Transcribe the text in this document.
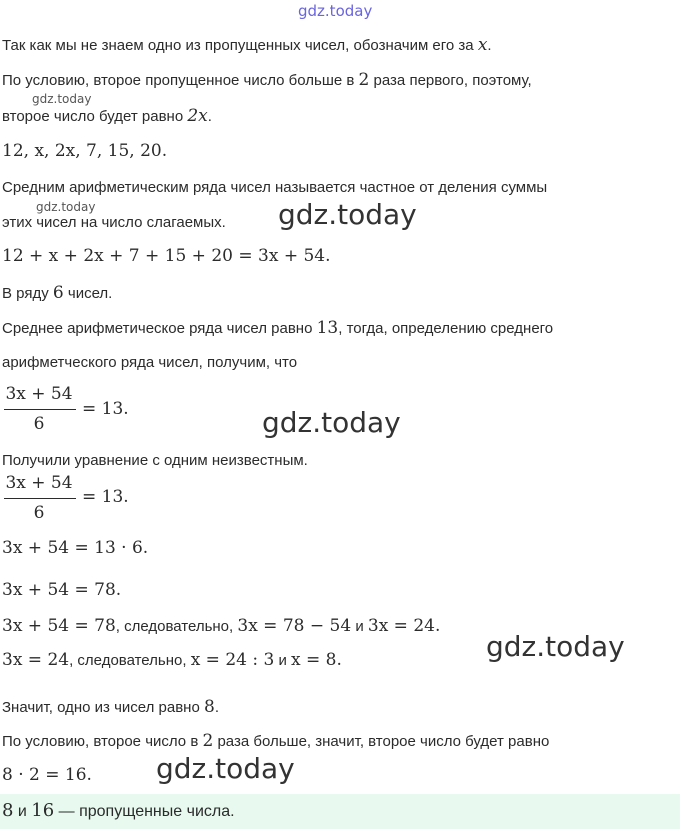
gdz.today
gdz.today
gdz.today	gdz.today
gdz.today
gdz.today
gdz.today
Так как мы не знаем одно из пропущенных чисел, обозначим его за x.
По условию, второе пропущенное число больше в 2 раза первого, поэтому,
второе число будет равно 2x.
12, x, 2x, 7, 15, 20.
Средним арифметическим ряда чисел называется частное от деления суммы
этих чисел на число слагаемых.
12 + x + 2x + 7 + 15 + 20 = 3x + 54.
В ряду 6 чисел.
Среднее арифметическое ряда чисел равно 13, тогда, определению среднего
арифметческого ряда чисел, получим, что
3x + 54
6
= 13.
Получили уравнение с одним неизвестным.
3x + 54
6
= 13.
3x + 54 = 13 · 6.
3x + 54 = 78.
3x + 54 = 78, следовательно, 3x = 78 − 54 и 3x = 24.
3x = 24, следовательно, x = 24 : 3 и x = 8.
Значит, одно из чисел равно 8.
По условию, второе число в 2 раза больше, значит, второе число будет равно
8 · 2 = 16.
8 и 16 — пропущенные числа.
